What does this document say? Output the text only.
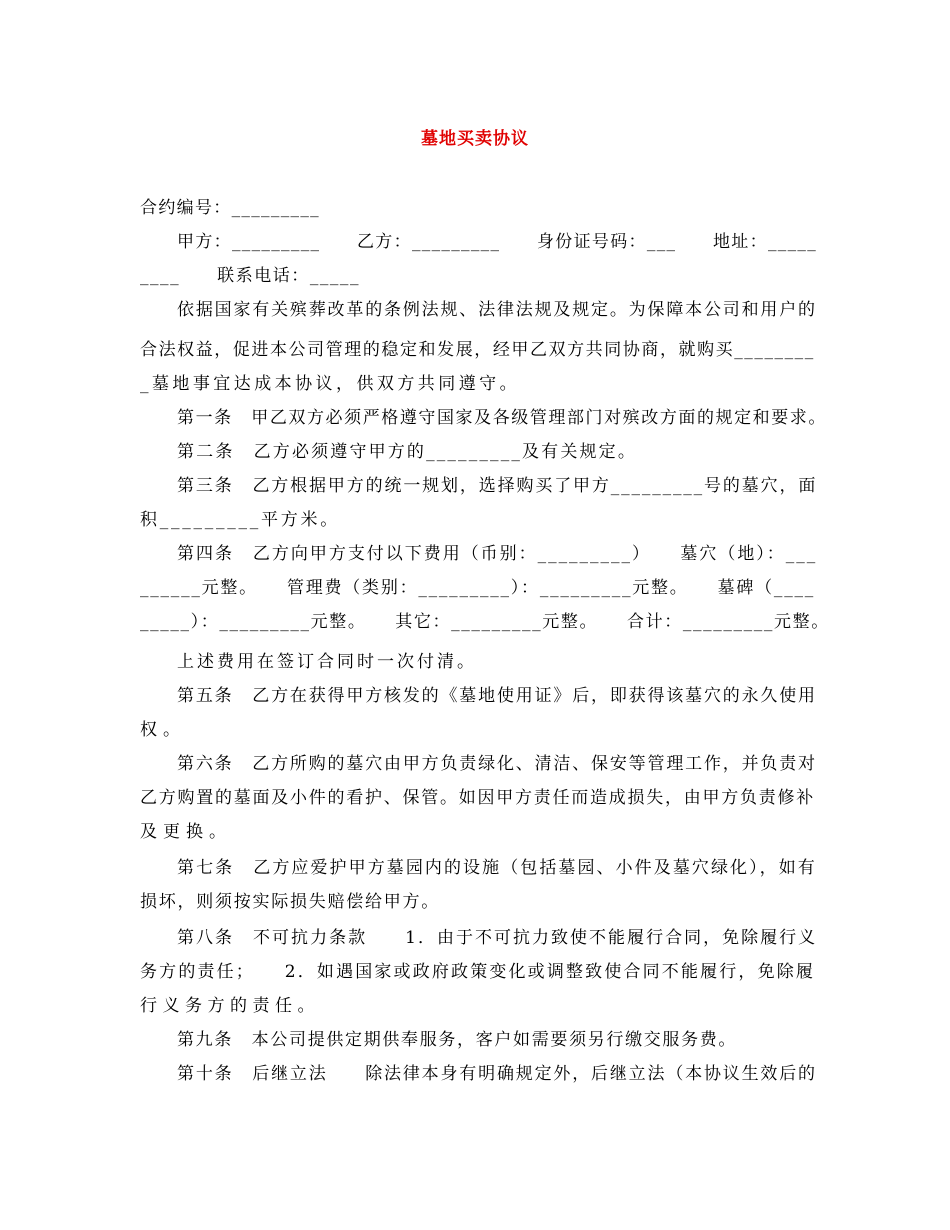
墓地买卖协议
合约编号：_________
甲方：_________　　乙方：_________　　身份证号码：___　　地址：_____
____　　联系电话：_____
依据国家有关殡葬改革的条例法规、法律法规及规定。为保障本公司和用户的
合法权益，促进本公司管理的稳定和发展，经甲乙双方共同协商，就购买________
_墓地事宜达成本协议，供双方共同遵守。
第一条　甲乙双方必须严格遵守国家及各级管理部门对殡改方面的规定和要求。
第二条　乙方必须遵守甲方的_________及有关规定。
第三条　乙方根据甲方的统一规划，选择购买了甲方_________号的墓穴，面
积_________平方米。
第四条　乙方向甲方支付以下费用（币别：_________）　　墓穴（地）：___
______元整。　　管理费（类别：_________）：_________元整。　　墓碑（____
_____）：_________元整。　　其它：_________元整。　　合计：_________元整。
上述费用在签订合同时一次付清。
第五条　乙方在获得甲方核发的《墓地使用证》后，即获得该墓穴的永久使用
权。
第六条　乙方所购的墓穴由甲方负责绿化、清洁、保安等管理工作，并负责对
乙方购置的墓面及小件的看护、保管。如因甲方责任而造成损失，由甲方负责修补
及更换。
第七条　乙方应爱护甲方墓园内的设施（包括墓园、小件及墓穴绿化），如有
损坏，则须按实际损失赔偿给甲方。
第八条　不可抗力条款　　1．由于不可抗力致使不能履行合同，免除履行义
务方的责任；　　2．如遇国家或政府政策变化或调整致使合同不能履行，免除履
行义务方的责任。
第九条　本公司提供定期供奉服务，客户如需要须另行缴交服务费。
第十条　后继立法　　除法律本身有明确规定外，后继立法（本协议生效后的
